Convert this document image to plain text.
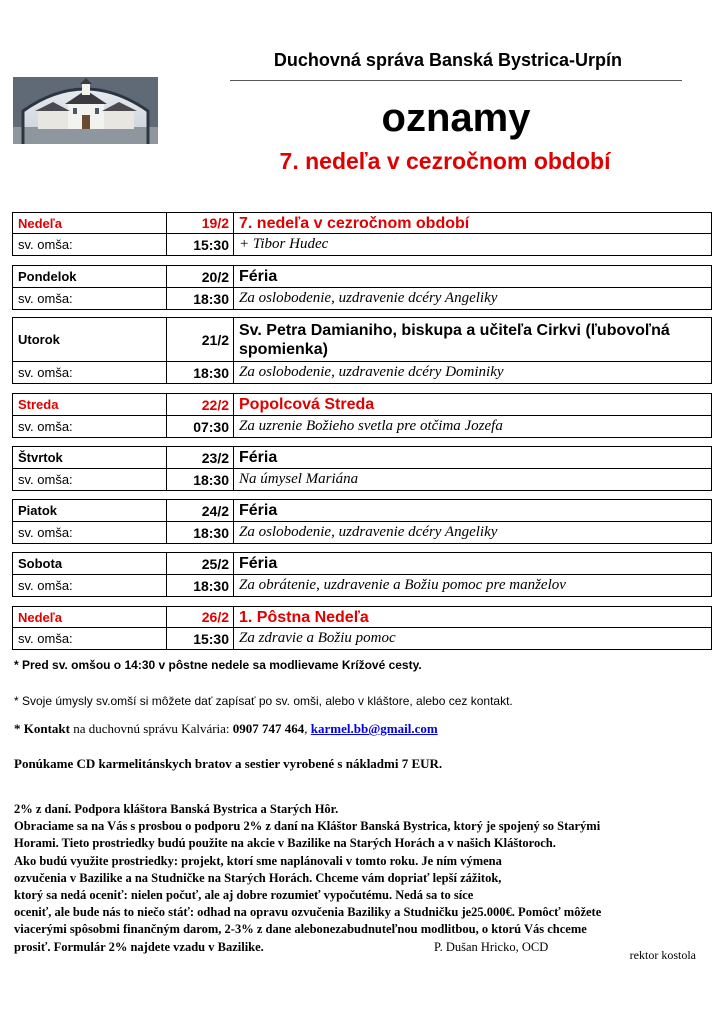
Duchovná správa Banská Bystrica-Urpín
oznamy
7. nedeľa v cezročnom období
Nedeľa	19/2 7. nedeľa v cezročnom období
sv. omša:	15:30 + Tibor Hudec
Pondelok	20/2 Féria
sv. omša:	18:30 Za oslobodenie, uzdravenie dcéry Angeliky
Utorok	21/2
Sv. Petra Damianiho, biskupa a učiteľa Cirkvi (ľubovoľná spomienka)
sv. omša:	18:30 Za oslobodenie, uzdravenie dcéry Dominiky
Streda	22/2 Popolcová Streda
sv. omša:	07:30 Za uzrenie Božieho svetla pre otčima Jozefa
Štvrtok	23/2 Féria
sv. omša:	18:30 Na úmysel Mariána
Piatok	24/2 Féria
sv. omša:	18:30 Za oslobodenie, uzdravenie dcéry Angeliky
Sobota	25/2 Féria
sv. omša:	18:30 Za obrátenie, uzdravenie a Božiu pomoc pre manželov
Nedeľa	26/2 1. Pôstna Nedeľa
sv. omša:	15:30 Za zdravie a Božiu pomoc
* Pred sv. omšou o 14:30 v pôstne nedele sa modlievame Krížové cesty.
* Svoje úmysly sv.omší si môžete dať zapísať po sv. omši, alebo v kláštore, alebo cez kontakt.
* Kontakt na duchovnú správu Kalvária: 0907 747 464, karmel.bb@gmail.com
Ponúkame CD karmelitánskych bratov a sestier vyrobené s nákladmi 7 EUR.
2% z daní. Podpora kláštora Banská Bystrica a Starých Hôr.
Obraciame sa na Vás s prosbou o podporu 2% z daní na Kláštor Banská Bystrica, ktorý je spojený so Starými
Horami. Tieto prostriedky budú použite na akcie v Bazilike na Starých Horách a v našich Kláštoroch.
Ako budú využite prostriedky: projekt, ktorí sme naplánovali v tomto roku. Je ním výmena
ozvučenia v Bazilike a na Studničke na Starých Horách. Chceme vám dopriať lepší zážitok,
ktorý sa nedá oceniť: nielen počuť, ale aj dobre rozumieť vypočutému. Nedá sa to síce
oceniť, ale bude nás to niečo stáť: odhad na opravu ozvučenia Baziliky a Studničku je25.000€. Pomôcť môžete
viacerými spôsobmi finančným darom, 2-3% z dane alebonezabudnuteľnou modlitbou, o ktorú Vás chceme
prosiť. Formulár 2% najdete vzadu v Bazilike.	P. Dušan Hricko, OCD
rektor kostola
